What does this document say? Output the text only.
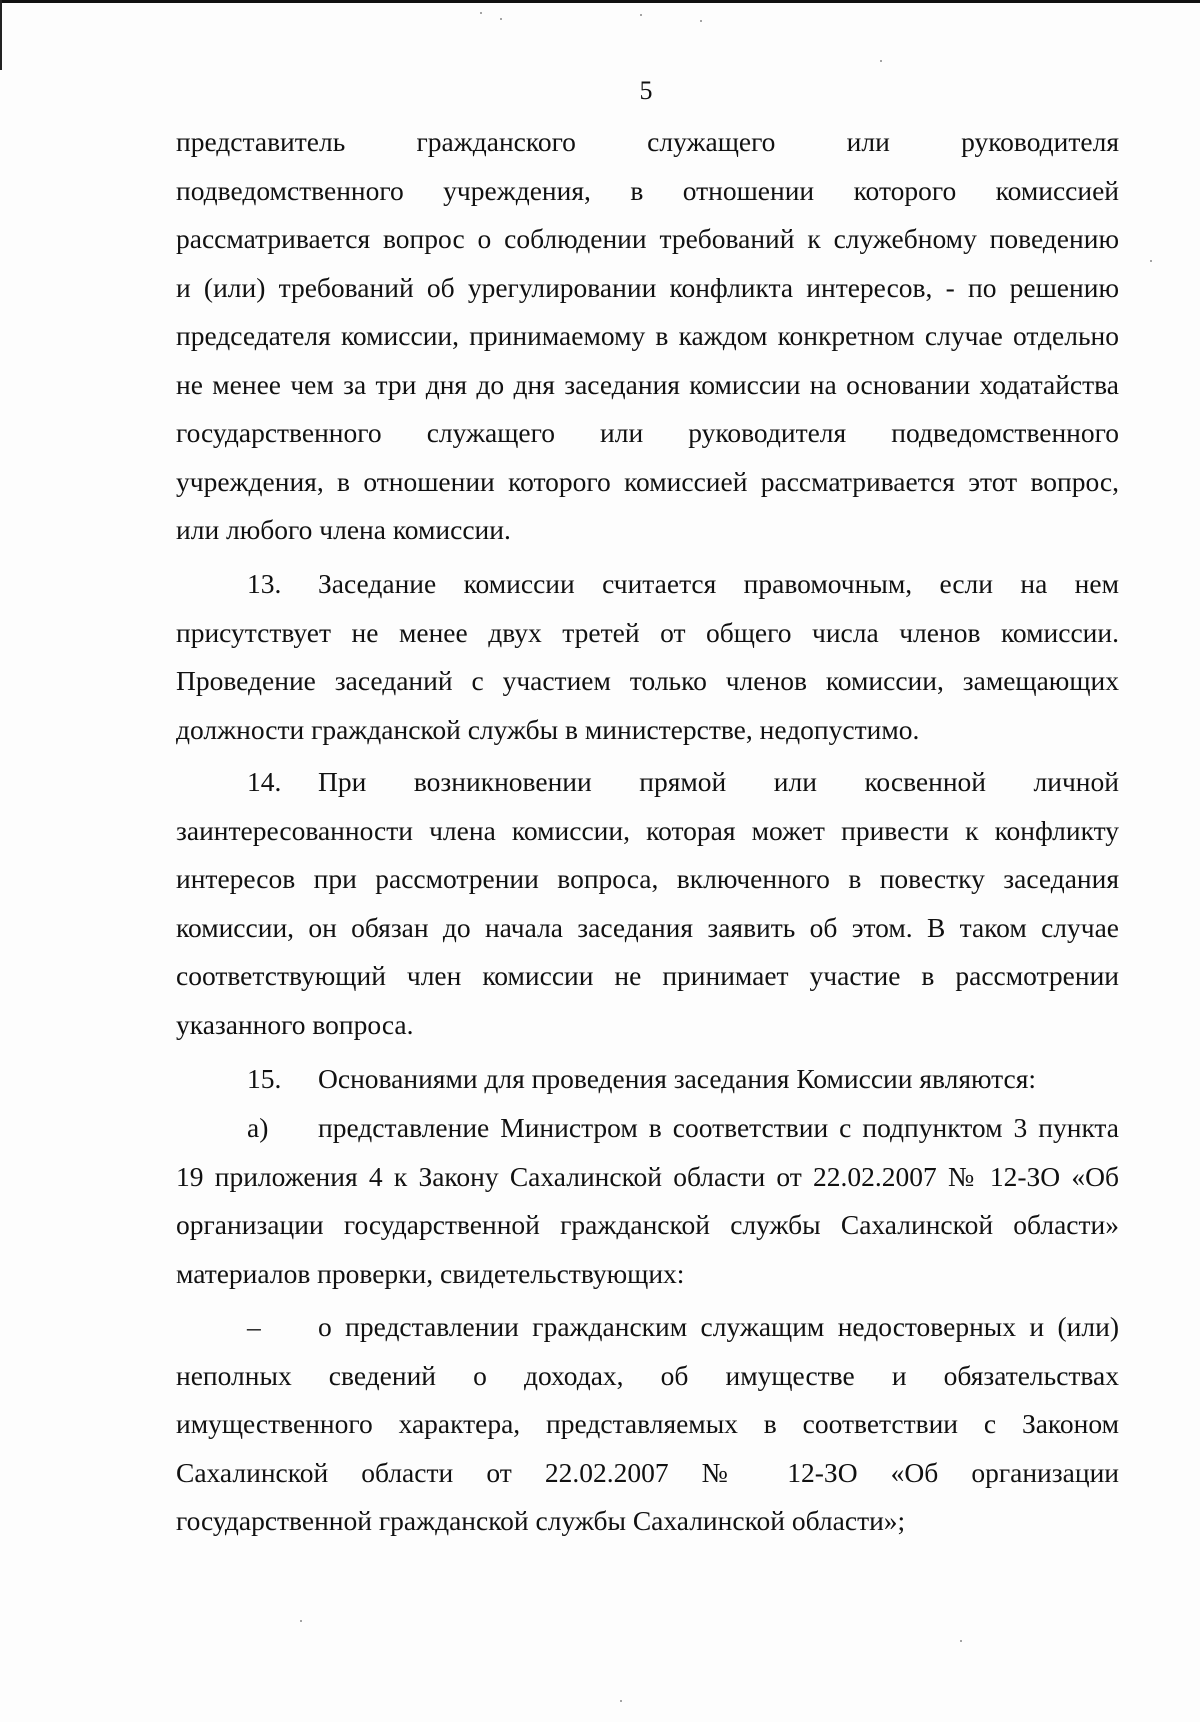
5
представитель гражданского служащего или руководителя
подведомственного учреждения, в отношении которого комиссией
рассматривается вопрос о соблюдении требований к служебному поведению
и (или) требований об урегулировании конфликта интересов, - по решению
председателя комиссии, принимаемому в каждом конкретном случае отдельно
не менее чем за три дня до дня заседания комиссии на основании ходатайства
государственного служащего или руководителя подведомственного
учреждения, в отношении которого комиссией рассматривается этот вопрос,
или любого члена комиссии.
13. Заседание комиссии считается правомочным, если на нем
присутствует не менее двух третей от общего числа членов комиссии.
Проведение заседаний с участием только членов комиссии, замещающих
должности гражданской службы в министерстве, недопустимо.
14. При возникновении прямой или косвенной личной
заинтересованности члена комиссии, которая может привести к конфликту
интересов при рассмотрении вопроса, включенного в повестку заседания
комиссии, он обязан до начала заседания заявить об этом. В таком случае
соответствующий член комиссии не принимает участие в рассмотрении
указанного вопроса.
15. Основаниями для проведения заседания Комиссии являются:
а) представление Министром в соответствии с подпунктом 3 пункта
19 приложения 4 к Закону Сахалинской области от 22.02.2007 № 12-ЗО «Об
организации государственной гражданской службы Сахалинской области»
материалов проверки, свидетельствующих:
– о представлении гражданским служащим недостоверных и (или)
неполных сведений о доходах, об имуществе и обязательствах
имущественного характера, представляемых в соответствии с Законом
Сахалинской области от 22.02.2007 № 12-ЗО «Об организации
государственной гражданской службы Сахалинской области»;
